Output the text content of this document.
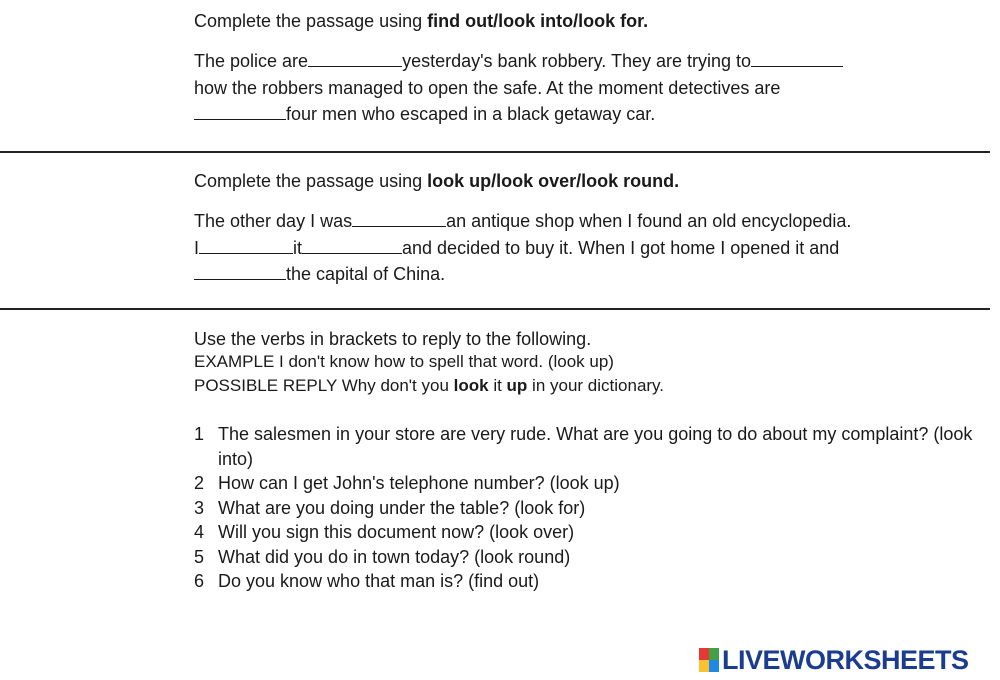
Complete the passage using find out/look into/look for.

The police are	yesterday's bank robbery. They are trying to
how the robbers managed to open the safe. At the moment detectives are
four men who escaped in a black getaway car.

Complete the passage using look up/look over/look round.

The other day I was	an antique shop when I found an old encyclopedia.
I	it	and decided to buy it. When I got home I opened it and
the capital of China.

Use the verbs in brackets to reply to the following.

EXAMPLE I don't know how to spell that word. (look up)

POSSIBLE REPLY Why don't you look it up in your dictionary.

1 The salesmen in your store are very rude. What are you going to do about my complaint? (look into)
2 How can I get John's telephone number? (look up)
3 What are you doing under the table? (look for)
4 Will you sign this document now? (look over)
5 What did you do in town today? (look round)
6 Do you know who that man is? (find out)
LIVEWORKSHEETS
